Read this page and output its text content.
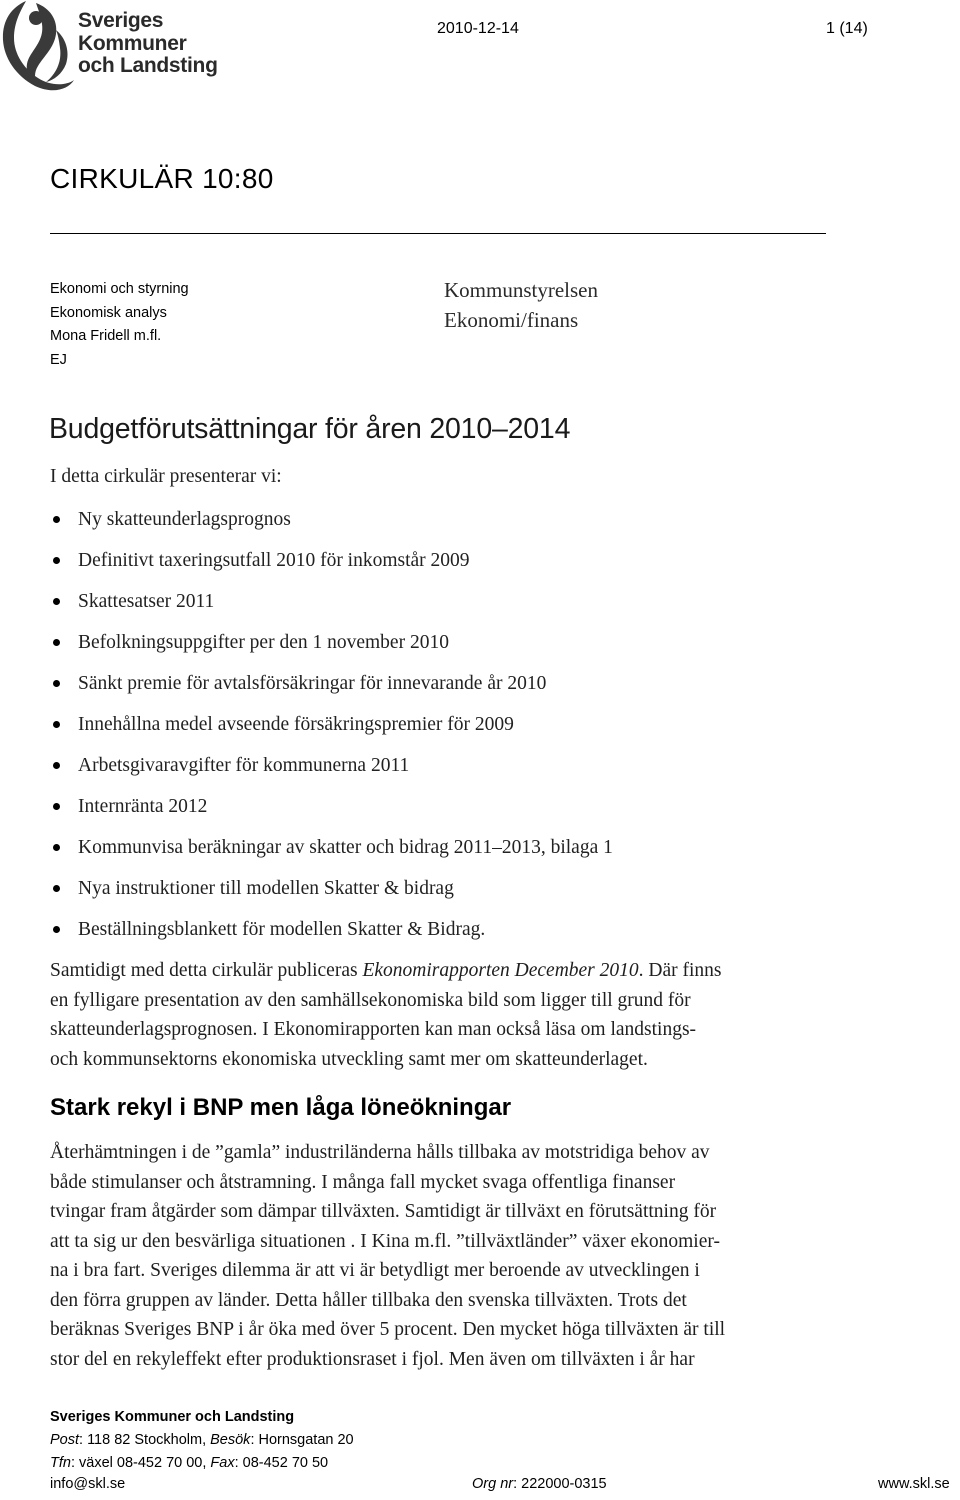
Sveriges
Kommuner
och Landsting
2010-12-14	1 (14)
CIRKULÄR 10:80
Ekonomi och styrning
Ekonomisk analys
Mona Fridell m.fl.
EJ
Kommunstyrelsen
Ekonomi/finans
Budgetförutsättningar för åren 2010–2014
I detta cirkulär presenterar vi:
Ny skatteunderlagsprognos
Definitivt taxeringsutfall 2010 för inkomstår 2009
Skattesatser 2011
Befolkningsuppgifter per den 1 november 2010
Sänkt premie för avtalsförsäkringar för innevarande år 2010
Innehållna medel avseende försäkringspremier för 2009
Arbetsgivaravgifter för kommunerna 2011
Internränta 2012
Kommunvisa beräkningar av skatter och bidrag 2011–2013, bilaga 1
Nya instruktioner till modellen Skatter & bidrag
Beställningsblankett för modellen Skatter & Bidrag.
Samtidigt med detta cirkulär publiceras Ekonomirapporten December 2010. Där finns
en fylligare presentation av den samhällsekonomiska bild som ligger till grund för
skatteunderlagsprognosen. I Ekonomirapporten kan man också läsa om landstings-
och kommunsektorns ekonomiska utveckling samt mer om skatteunderlaget.
Stark rekyl i BNP men låga löneökningar
Återhämtningen i de ”gamla” industriländerna hålls tillbaka av motstridiga behov av
både stimulanser och åtstramning. I många fall mycket svaga offentliga finanser
tvingar fram åtgärder som dämpar tillväxten. Samtidigt är tillväxt en förutsättning för
att ta sig ur den besvärliga situationen . I Kina m.fl. ”tillväxtländer” växer ekonomier-
na i bra fart. Sveriges dilemma är att vi är betydligt mer beroende av utvecklingen i
den förra gruppen av länder. Detta håller tillbaka den svenska tillväxten. Trots det
beräknas Sveriges BNP i år öka med över 5 procent. Den mycket höga tillväxten är till
stor del en rekyleffekt efter produktionsraset i fjol. Men även om tillväxten i år har
Sveriges Kommuner och Landsting
Post: 118 82 Stockholm, Besök: Hornsgatan 20
Tfn: växel 08-452 70 00, Fax: 08-452 70 50
info@skl.se	Org nr: 222000-0315	www.skl.se
